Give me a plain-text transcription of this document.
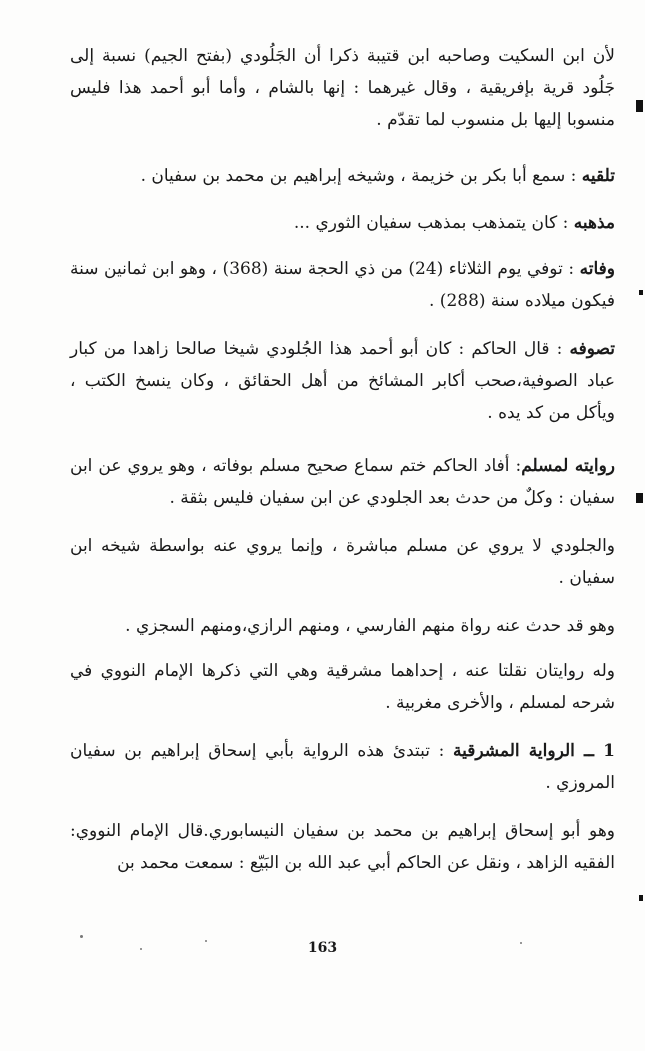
لأن ابن السكيت وصاحبه ابن قتيبة ذكرا أن الجَلُودي (بفتح الجيم) نسبة إلى جَلُود قرية بإفريقية ، وقال غيرهما : إنها بالشام ، وأما أبو أحمد هذا فليس منسوبا إليها بل منسوب لما تقدّم .

تلقيه : سمع أبا بكر بن خزيمة ، وشيخه إبراهيم بن محمد بن سفيان .

مذهبه : كان يتمذهب بمذهب سفيان الثوري ...

وفاته : توفي يوم الثلاثاء (24) من ذي الحجة سنة (368) ، وهو ابن ثمانين سنة فيكون ميلاده سنة (288) .

تصوفه : قال الحاكم : كان أبو أحمد هذا الجُلودي شيخا صالحا زاهدا من كبار عباد الصوفية،صحب أكابر المشائخ من أهل الحقائق ، وكان ينسخ الكتب ، ويأكل من كد يده .

روايته لمسلم: أفاد الحاكم ختم سماع صحيح مسلم بوفاته ، وهو يروي عن ابن سفيان : وكلٌ من حدث بعد الجلودي عن ابن سفيان فليس بثقة .

والجلودي لا يروي عن مسلم مباشرة ، وإنما يروي عنه بواسطة شيخه ابن سفيان .

وهو قد حدث عنه رواة منهم الفارسي ، ومنهم الرازي،ومنهم السجزي .

وله روايتان نقلتا عنه ، إحداهما مشرقية وهي التي ذكرها الإمام النووي في شرحه لمسلم ، والأخرى مغربية .

1 ــ الرواية المشرقية : تبتدئ هذه الرواية بأبي إسحاق إبراهيم بن سفيان المروزي .

وهو أبو إسحاق إبراهيم بن محمد بن سفيان النيسابوري.قال الإمام النووي: الفقيه الزاهد ، ونقل عن الحاكم أبي عبد الله بن البَيّع : سمعت محمد بن

163
